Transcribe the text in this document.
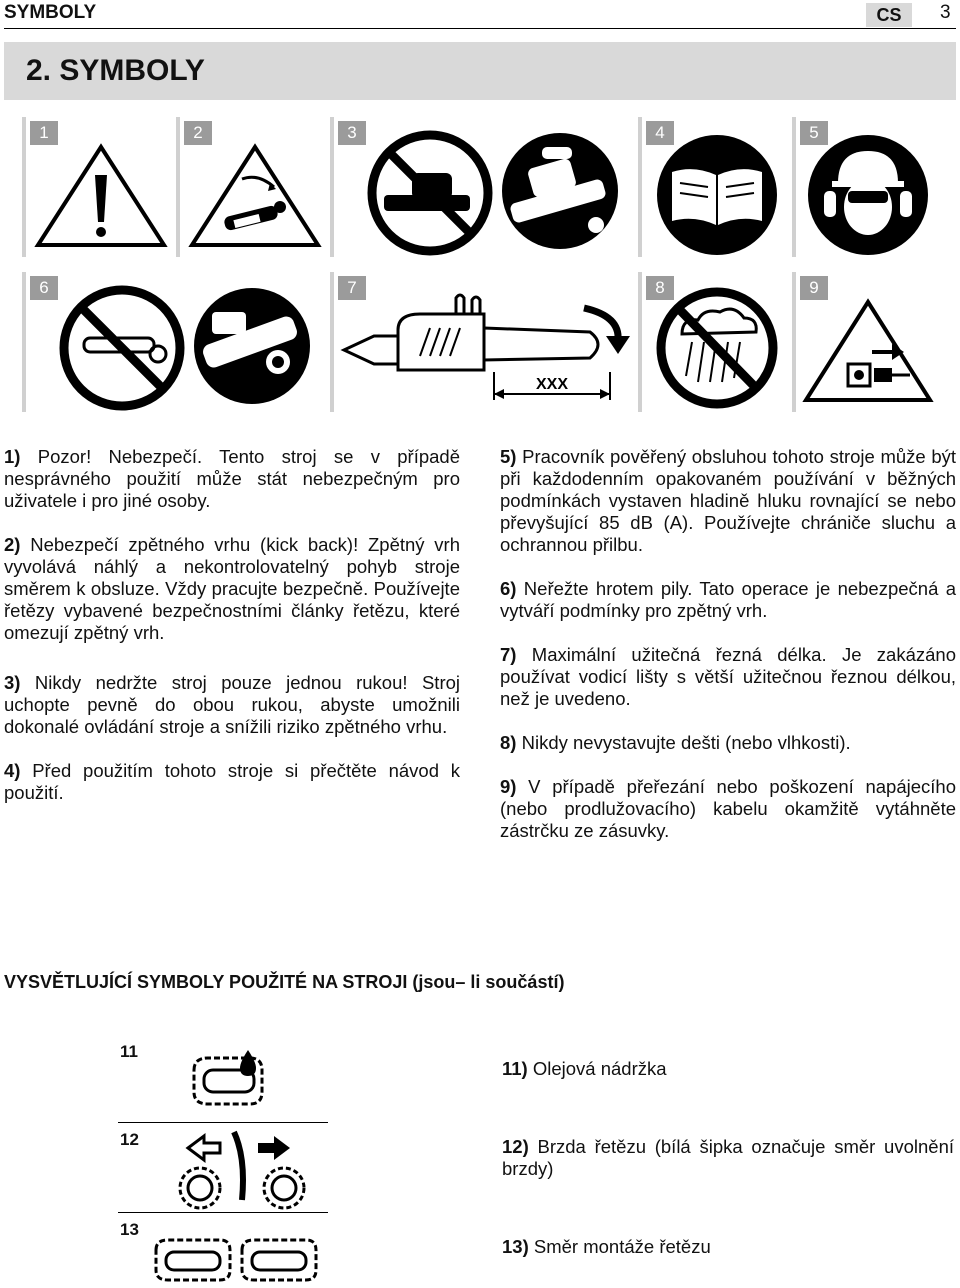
SYMBOLY	CS	3
2. SYMBOLY
1	2	3	4	5
6	7
XXX
8	9

1) Pozor! Nebezpečí. Tento stroj se v případě nesprávného použití může stát nebezpečným pro uživatele i pro jiné osoby.

2) Nebezpečí zpětného vrhu (kick back)! Zpětný vrh vyvolává náhlý a nekontrolovatelný pohyb stroje směrem k obsluze. Vždy pracujte bezpečně. Používejte řetězy vybavené bezpečnostními články řetězu, které omezují zpětný vrh.

3) Nikdy nedržte stroj pouze jednou rukou! Stroj uchopte pevně do obou rukou, abyste umožnili dokonalé ovládání stroje a snížili riziko zpětného vrhu.

4) Před použitím tohoto stroje si přečtěte návod k použití.

5) Pracovník pověřený obsluhou tohoto stroje může být při každodenním opakovaném používání v běžných podmínkách vystaven hladině hluku rovnající se nebo převyšující 85 dB (A). Používejte chrániče sluchu a ochrannou přilbu.

6) Neřežte hrotem pily. Tato operace je nebezpečná a vytváří podmínky pro zpětný vrh.

7) Maximální užitečná řezná délka. Je zakázáno používat vodicí lišty s větší užitečnou řeznou délkou, než je uvedeno.

8) Nikdy nevystavujte dešti (nebo vlhkosti).

9) V případě přeřezání nebo poškození napájecího (nebo prodlužovacího) kabelu okamžitě vytáhněte zástrčku ze zásuvky.

VYSVĚTLUJÍCÍ SYMBOLY POUŽITÉ NA STROJI (jsou– li součástí)
11
11) Olejová nádržka
12	12) Brzda řetězu (bílá šipka označuje směr uvolnění brzdy)
13
13) Směr montáže řetězu
